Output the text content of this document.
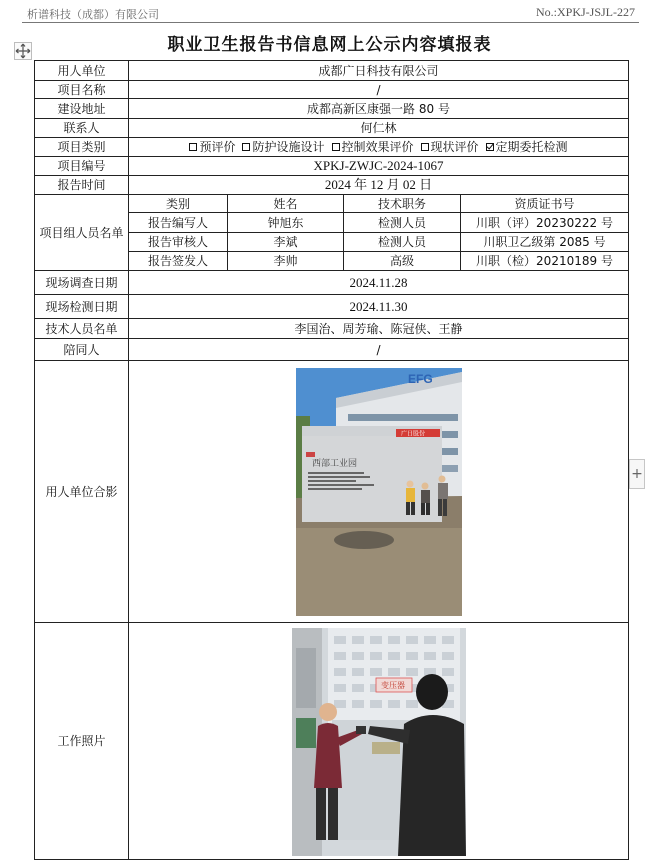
析谱科技（成都）有限公司	No.:XPKJ-JSJL-227
职业卫生报告书信息网上公示内容填报表
用人单位	成都广日科技有限公司			
项目名称	/			
建设地址	成都高新区康强一路 80 号			
联系人	何仁林			
项目类别	预评价 防护设施设计 控制效果评价 现状评价 定期委托检测			

项目编号	XPKJ-ZWJC-2024-1067			
报告时间	2024 年 12 月 02 日			
项目组人员名单	类别	姓名	技术职务	资质证书号
	报告编写人	钟旭东	检测人员	川职（评）20230222 号
	报告审核人	李斌	检测人员	川职卫乙级第 2085 号
	报告签发人	李帅	高级	川职（检）20210189 号
现场调查日期	2024.11.28			
现场检测日期	2024.11.30			
技术人员名单	李国治、周芳瑜、陈冠侠、王静			
陪同人	/			
用人单位合影	EFG
广日股份
西部工业园			

工作照片	变压器			
+
